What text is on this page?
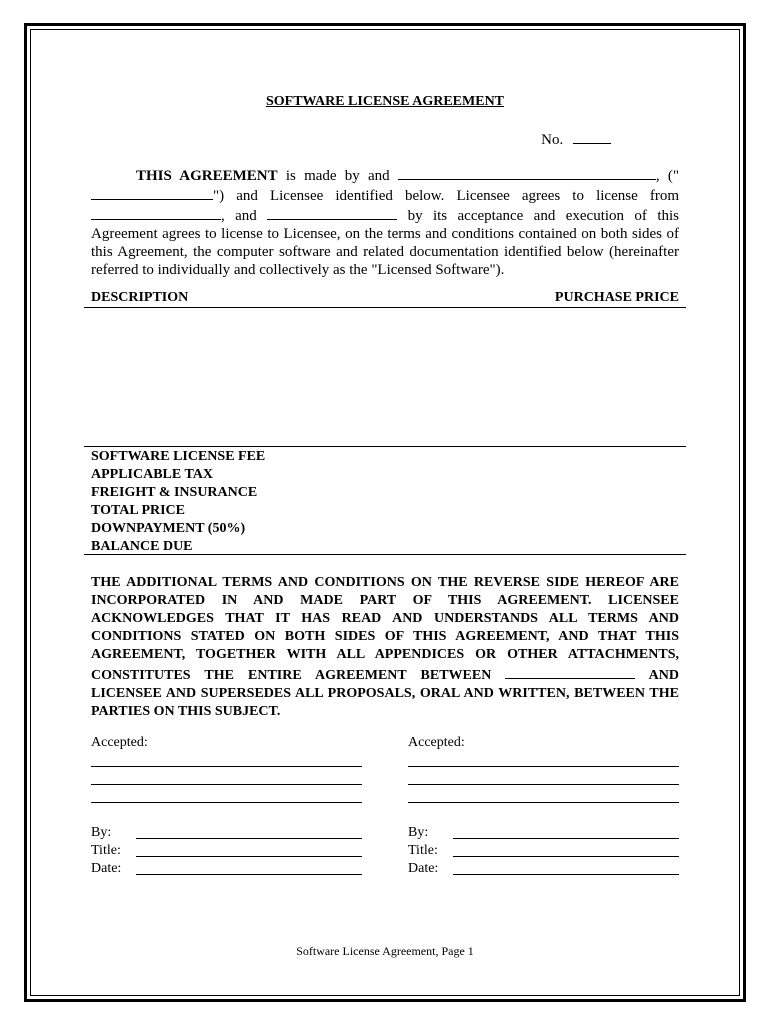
SOFTWARE LICENSE AGREEMENT
No.
THIS AGREEMENT is made by and	, ("") and Licensee identified below. Licensee agrees to license from , and	by its acceptance and execution of this Agreement agrees to license to Licensee, on the terms and conditions contained on both sides of this Agreement, the computer software and related documentation identified below (hereinafter referred to individually and collectively as the "Licensed Software").
DESCRIPTION	PURCHASE PRICE
SOFTWARE LICENSE FEE
APPLICABLE TAX
FREIGHT & INSURANCE
TOTAL PRICE
DOWNPAYMENT (50%)
BALANCE DUE
THE ADDITIONAL TERMS AND CONDITIONS ON THE REVERSE SIDE HEREOF ARE INCORPORATED IN AND MADE PART OF THIS AGREEMENT. LICENSEE ACKNOWLEDGES THAT IT HAS READ AND UNDERSTANDS ALL TERMS AND CONDITIONS STATED ON BOTH SIDES OF THIS AGREEMENT, AND THAT THIS AGREEMENT, TOGETHER WITH ALL APPENDICES OR OTHER ATTACHMENTS, CONSTITUTES THE ENTIRE AGREEMENT BETWEEN	AND LICENSEE AND SUPERSEDES ALL PROPOSALS, ORAL AND WRITTEN, BETWEEN THE PARTIES ON THIS SUBJECT.
Accepted:
By:
Title:
Date:
Accepted:
By:
Title:
Date:
Software License Agreement, Page 1
